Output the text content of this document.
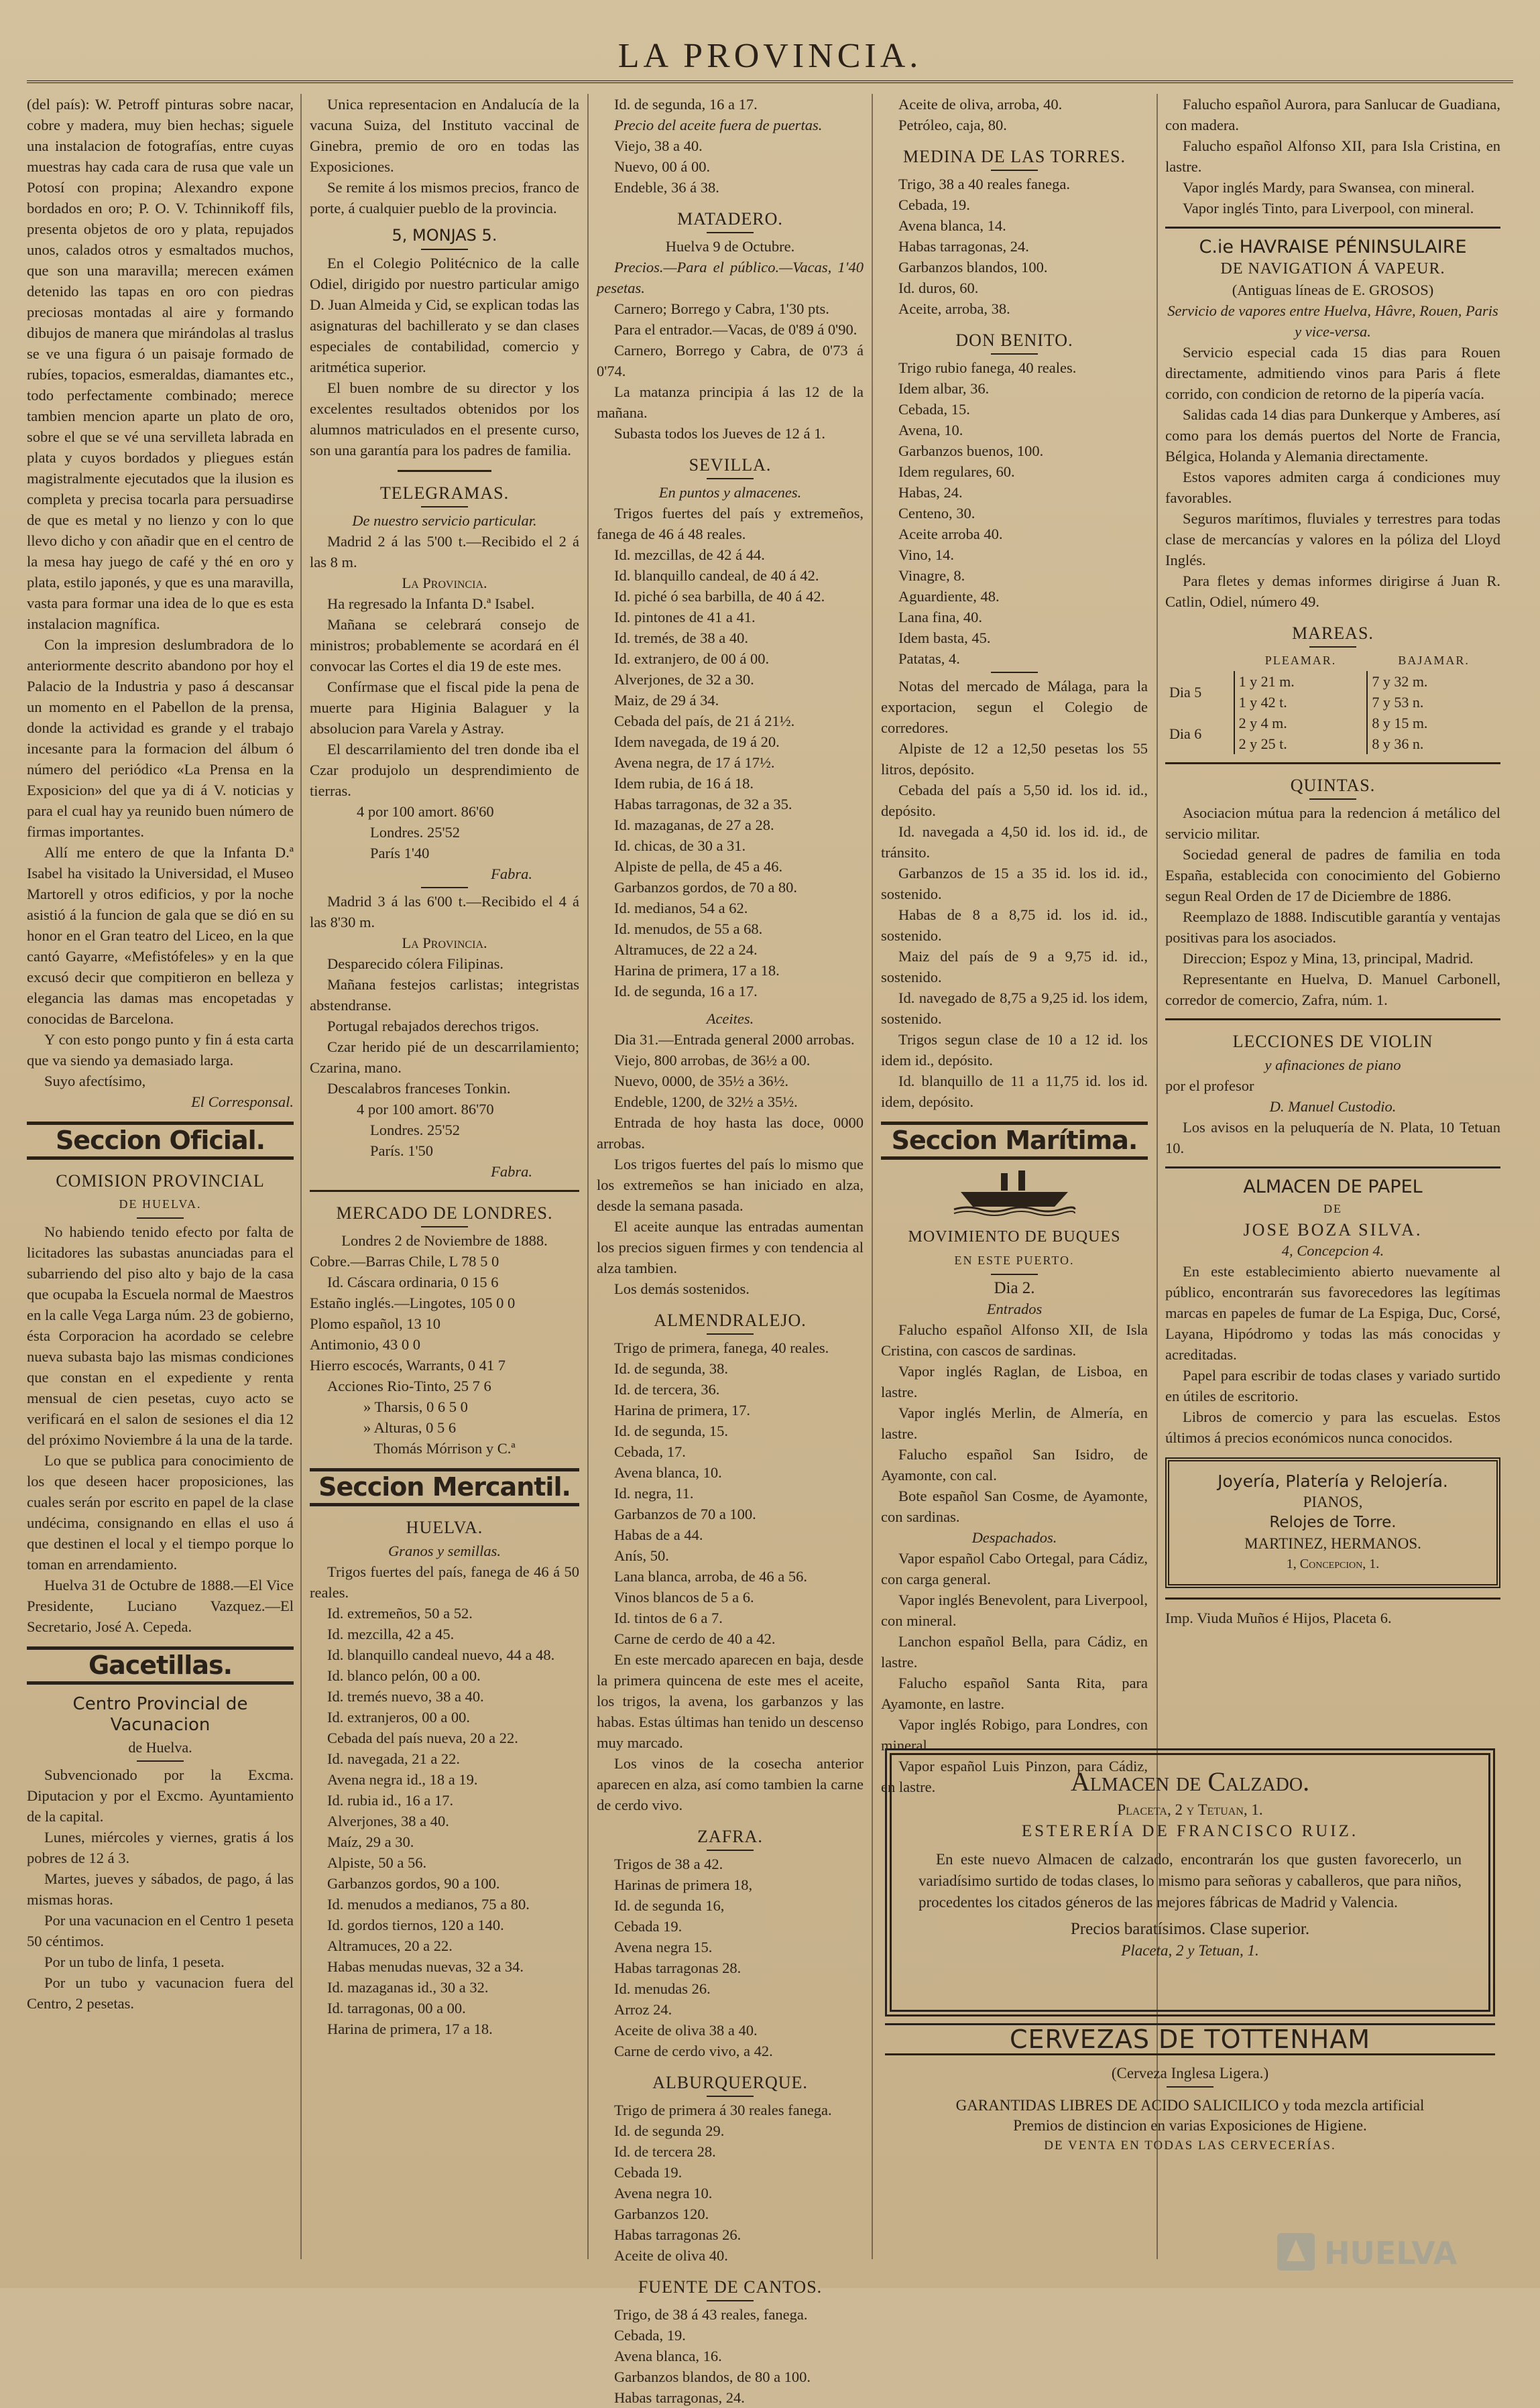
LA PROVINCIA.

(del país): W. Petroff pinturas sobre nacar, cobre y madera, muy bien hechas; siguele una instalacion de fotografías, entre cuyas muestras hay cada cara de rusa que vale un Potosí con propina; Alexandro expone bordados en oro; P. O. V. Tchinnikoff fils, presenta objetos de oro y plata, repujados unos, calados otros y esmaltados muchos, que son una maravilla; merecen exámen detenido las tapas en oro con piedras preciosas montadas al aire y formando dibujos de manera que mirándolas al traslus se ve una figura ó un paisaje formado de rubíes, topacios, esmeraldas, diamantes etc., todo perfectamente combinado; merece tambien mencion aparte un plato de oro, sobre el que se vé una servilleta labrada en plata y cuyos bordados y pliegues están magistralmente ejecutados que la ilusion es completa y precisa tocarla para persuadirse de que es metal y no lienzo y con lo que llevo dicho y con añadir que en el centro de la mesa hay juego de café y thé en oro y plata, estilo japonés, y que es una maravilla, vasta para formar una idea de lo que es esta instalacion magnífica.

Con la impresion deslumbradora de lo anteriormente descrito abandono por hoy el Palacio de la Industria y paso á descansar un momento en el Pabellon de la prensa, donde la actividad es grande y el trabajo incesante para la formacion del álbum ó número del periódico «La Prensa en la Exposicion» del que ya di á V. noticias y para el cual hay ya reunido buen número de firmas importantes.

Allí me entero de que la Infanta D.ª Isabel ha visitado la Universidad, el Museo Martorell y otros edificios, y por la noche asistió á la funcion de gala que se dió en su honor en el Gran teatro del Liceo, en la que cantó Gayarre, «Mefistófeles» y en la que excusó decir que compitieron en belleza y elegancia las damas mas encopetadas y conocidas de Barcelona.

Y con esto pongo punto y fin á esta carta que va siendo ya demasiado larga.

Suyo afectísimo,

El Corresponsal.

Seccion Oficial.
COMISION PROVINCIAL
DE HUELVA.

No habiendo tenido efecto por falta de licitadores las subastas anunciadas para el subarriendo del piso alto y bajo de la casa que ocupaba la Escuela normal de Maestros en la calle Vega Larga núm. 23 de gobierno, ésta Corporacion ha acordado se celebre nueva subasta bajo las mismas condiciones que constan en el expediente y renta mensual de cien pesetas, cuyo acto se verificará en el salon de sesiones el dia 12 del próximo Noviembre á la una de la tarde.

Lo que se publica para conocimiento de los que deseen hacer proposiciones, las cuales serán por escrito en papel de la clase undécima, consignando en ellas el uso á que destinen el local y el tiempo porque lo toman en arrendamiento.

Huelva 31 de Octubre de 1888.—El Vice Presidente, Luciano Vazquez.—El Secretario, José A. Cepeda.

Gacetillas.
Centro Provincial de Vacunacion
de Huelva.

Subvencionado por la Excma. Diputacion y por el Excmo. Ayuntamiento de la capital.

Lunes, miércoles y viernes, gratis á los pobres de 12 á 3.

Martes, jueves y sábados, de pago, á las mismas horas.

Por una vacunacion en el Centro 1 peseta 50 céntimos.

Por un tubo de linfa, 1 peseta.

Por un tubo y vacunacion fuera del Centro, 2 pesetas.

Unica representacion en Andalucía de la vacuna Suiza, del Instituto vaccinal de Ginebra, premio de oro en todas las Exposiciones.

Se remite á los mismos precios, franco de porte, á cualquier pueblo de la provincia.

5, MONJAS 5.

En el Colegio Politécnico de la calle Odiel, dirigido por nuestro particular amigo D. Juan Almeida y Cid, se explican todas las asignaturas del bachillerato y se dan clases especiales de contabilidad, comercio y aritmética superior.

El buen nombre de su director y los excelentes resultados obtenidos por los alumnos matriculados en el presente curso, son una garantía para los padres de familia.

TELEGRAMAS.
De nuestro servicio particular.

Madrid 2 á las 5'00 t.—Recibido el 2 á las 8 m.

La Provincia.

Ha regresado la Infanta D.ª Isabel.

Mañana se celebrará consejo de ministros; probablemente se acordará en él convocar las Cortes el dia 19 de este mes.

Confírmase que el fiscal pide la pena de muerte para Higinia Balaguer y la absolucion para Varela y Astray.

El descarrilamiento del tren donde iba el Czar produjolo un desprendimiento de tierras.

4 por 100 amort. 86'60
Londres. 25'52
París 1'40
Fabra.

Madrid 3 á las 6'00 t.—Recibido el 4 á las 8'30 m.

La Provincia.

Desparecido cólera Filipinas.

Mañana festejos carlistas; integristas abstendranse.

Portugal rebajados derechos trigos.

Czar herido pié de un descarrilamiento; Czarina, mano.

Descalabros franceses Tonkin.

4 por 100 amort. 86'70
Londres. 25'52
París. 1'50
Fabra.
MERCADO DE LONDRES.
Londres 2 de Noviembre de 1888.
Cobre.—Barras Chile, L 78 5 0
Id. Cáscara ordinaria, 0 15 6
Estaño inglés.—Lingotes, 105 0 0
Plomo español, 13 10
Antimonio, 43 0 0
Hierro escocés, Warrants, 0 41 7
Acciones Rio-Tinto, 25 7 6
» Tharsis, 0 6 5 0
» Alturas, 0 5 6
Thomás Mórrison y C.ª
Seccion Mercantil.
HUELVA.
Granos y semillas.

Trigos fuertes del país, fanega de 46 á 50 reales.

Id. extremeños, 50 a 52.
Id. mezcilla, 42 a 45.
Id. blanquillo candeal nuevo, 44 a 48.
Id. blanco pelón, 00 a 00.
Id. tremés nuevo, 38 a 40.
Id. extranjeros, 00 a 00.
Cebada del país nueva, 20 a 22.
Id. navegada, 21 a 22.
Avena negra id., 18 a 19.
Id. rubia id., 16 a 17.
Alverjones, 38 a 40.
Maíz, 29 a 30.
Alpiste, 50 a 56.
Garbanzos gordos, 90 a 100.
Id. menudos a medianos, 75 a 80.
Id. gordos tiernos, 120 a 140.
Altramuces, 20 a 22.
Habas menudas nuevas, 32 a 34.
Id. mazaganas id., 30 a 32.
Id. tarragonas, 00 a 00.
Harina de primera, 17 a 18.
Id. de segunda, 16 a 17.
Precio del aceite fuera de puertas.
Viejo, 38 a 40.
Nuevo, 00 á 00.
Endeble, 36 á 38.
MATADERO.
Huelva 9 de Octubre.

Precios.—Para el público.—Vacas, 1'40 pesetas.

Carnero; Borrego y Cabra, 1'30 pts.

Para el entrador.—Vacas, de 0'89 á 0'90.

Carnero, Borrego y Cabra, de 0'73 á 0'74.

La matanza principia á las 12 de la mañana.

Subasta todos los Jueves de 12 á 1.

SEVILLA.
En puntos y almacenes.

Trigos fuertes del país y extremeños, fanega de 46 á 48 reales.

Id. mezcillas, de 42 á 44.
Id. blanquillo candeal, de 40 á 42.
Id. piché ó sea barbilla, de 40 á 42.
Id. pintones de 41 a 41.
Id. tremés, de 38 a 40.
Id. extranjero, de 00 á 00.
Alverjones, de 32 a 30.
Maiz, de 29 á 34.
Cebada del país, de 21 á 21½.
Idem navegada, de 19 á 20.
Avena negra, de 17 á 17½.
Idem rubia, de 16 á 18.
Habas tarragonas, de 32 a 35.
Id. mazaganas, de 27 a 28.
Id. chicas, de 30 a 31.
Alpiste de pella, de 45 a 46.
Garbanzos gordos, de 70 a 80.
Id. medianos, 54 a 62.
Id. menudos, de 55 a 68.
Altramuces, de 22 a 24.
Harina de primera, 17 a 18.
Id. de segunda, 16 a 17.
Aceites.

Dia 31.—Entrada general 2000 arrobas.

Viejo, 800 arrobas, de 36½ a 00.
Nuevo, 0000, de 35½ a 36½.
Endeble, 1200, de 32½ a 35½.

Entrada de hoy hasta las doce, 0000 arrobas.

Los trigos fuertes del país lo mismo que los extremeños se han iniciado en alza, desde la semana pasada.

El aceite aunque las entradas aumentan los precios siguen firmes y con tendencia al alza tambien.

Los demás sostenidos.

ALMENDRALEJO.

Trigo de primera, fanega, 40 reales.

Id. de segunda, 38.
Id. de tercera, 36.
Harina de primera, 17.
Id. de segunda, 15.
Cebada, 17.
Avena blanca, 10.
Id. negra, 11.
Garbanzos de 70 a 100.
Habas de a 44.
Anís, 50.
Lana blanca, arroba, de 46 a 56.
Vinos blancos de 5 a 6.
Id. tintos de 6 a 7.
Carne de cerdo de 40 a 42.

En este mercado aparecen en baja, desde la primera quincena de este mes el aceite, los trigos, la avena, los garbanzos y las habas. Estas últimas han tenido un descenso muy marcado.

Los vinos de la cosecha anterior aparecen en alza, así como tambien la carne de cerdo vivo.

ZAFRA.
Trigos de 38 a 42.
Harinas de primera 18,
Id. de segunda 16,
Cebada 19.
Avena negra 15.
Habas tarragonas 28.
Id. menudas 26.
Arroz 24.
Aceite de oliva 38 a 40.
Carne de cerdo vivo, a 42.
ALBURQUERQUE.
Trigo de primera á 30 reales fanega.
Id. de segunda 29.
Id. de tercera 28.
Cebada 19.
Avena negra 10.
Garbanzos 120.
Habas tarragonas 26.
Aceite de oliva 40.
FUENTE DE CANTOS.
Trigo, de 38 á 43 reales, fanega.
Cebada, 19.
Avena blanca, 16.
Garbanzos blandos, de 80 a 100.
Habas tarragonas, 24.
Aceite de oliva, arroba, 40.
Petróleo, caja, 80.
MEDINA DE LAS TORRES.
Trigo, 38 a 40 reales fanega.
Cebada, 19.
Avena blanca, 14.
Habas tarragonas, 24.
Garbanzos blandos, 100.
Id. duros, 60.
Aceite, arroba, 38.
DON BENITO.
Trigo rubio fanega, 40 reales.
Idem albar, 36.
Cebada, 15.
Avena, 10.
Garbanzos buenos, 100.
Idem regulares, 60.
Habas, 24.
Centeno, 30.
Aceite arroba 40.
Vino, 14.
Vinagre, 8.
Aguardiente, 48.
Lana fina, 40.
Idem basta, 45.
Patatas, 4.

Notas del mercado de Málaga, para la exportacion, segun el Colegio de corredores.

Alpiste de 12 a 12,50 pesetas los 55 litros, depósito.

Cebada del país a 5,50 id. los id. id., depósito.

Id. navegada a 4,50 id. los id. id., de tránsito.

Garbanzos de 15 a 35 id. los id. id., sostenido.

Habas de 8 a 8,75 id. los id. id., sostenido.

Maiz del país de 9 a 9,75 id. id., sostenido.

Id. navegado de 8,75 a 9,25 id. los idem, sostenido.

Trigos segun clase de 10 a 12 id. los idem id., depósito.

Id. blanquillo de 11 a 11,75 id. los id. idem, depósito.

Seccion Marítima.
MOVIMIENTO DE BUQUES
EN ESTE PUERTO.
Dia 2.
Entrados

Falucho español Alfonso XII, de Isla Cristina, con cascos de sardinas.

Vapor inglés Raglan, de Lisboa, en lastre.

Vapor inglés Merlin, de Almería, en lastre.

Falucho español San Isidro, de Ayamonte, con cal.

Bote español San Cosme, de Ayamonte, con sardinas.

Despachados.

Vapor español Cabo Ortegal, para Cádiz, con carga general.

Vapor inglés Benevolent, para Liverpool, con mineral.

Lanchon español Bella, para Cádiz, en lastre.

Falucho español Santa Rita, para Ayamonte, en lastre.

Vapor inglés Robigo, para Londres, con mineral.

Vapor español Luis Pinzon, para Cádiz, en lastre.

Falucho español Aurora, para Sanlucar de Guadiana, con madera.

Falucho español Alfonso XII, para Isla Cristina, en lastre.

Vapor inglés Mardy, para Swansea, con mineral.

Vapor inglés Tinto, para Liverpool, con mineral.

C.ie HAVRAISE PÉNINSULAIRE
DE NAVIGATION Á VAPEUR.
(Antiguas líneas de E. GROSOS)
Servicio de vapores entre Huelva, Hâvre, Rouen, Paris y vice-versa.

Servicio especial cada 15 dias para Rouen directamente, admitiendo vinos para Paris á flete corrido, con condicion de retorno de la pipería vacía.

Salidas cada 14 dias para Dunkerque y Amberes, así como para los demás puertos del Norte de Francia, Bélgica, Holanda y Alemania directamente.

Estos vapores admiten carga á condiciones muy favorables.

Seguros marítimos, fluviales y terrestres para todas clase de mercancías y valores en la póliza del Lloyd Inglés.

Para fletes y demas informes dirigirse á Juan R. Catlin, Odiel, número 49.

MAREAS.
	PLEAMAR.	BAJAMAR.
Dia 5	1 y 21 m.	7 y 32 m.
	1 y 42 t.	7 y 53 n.
Dia 6	2 y 4 m.	8 y 15 m.
	2 y 25 t.	8 y 36 n.
QUINTAS.

Asociacion mútua para la redencion á metálico del servicio militar.

Sociedad general de padres de familia en toda España, establecida con conocimiento del Gobierno segun Real Orden de 17 de Diciembre de 1886.

Reemplazo de 1888. Indiscutible garantía y ventajas positivas para los asociados.

Direccion; Espoz y Mina, 13, principal, Madrid.

Representante en Huelva, D. Manuel Carbonell, corredor de comercio, Zafra, núm. 1.

LECCIONES DE VIOLIN
y afinaciones de piano
por el profesor
D. Manuel Custodio.

Los avisos en la peluquería de N. Plata, 10 Tetuan 10.

ALMACEN DE PAPEL
DE
JOSE BOZA SILVA.
4, Concepcion 4.

En este establecimiento abierto nuevamente al público, encontrarán sus favorecedores las legítimas marcas en papeles de fumar de La Espiga, Duc, Corsé, Layana, Hipódromo y todas las más conocidas y acreditadas.

Papel para escribir de todas clases y variado surtido en útiles de escritorio.

Libros de comercio y para las escuelas. Estos últimos á precios económicos nunca conocidos.

Joyería, Platería y Relojería.
PIANOS,
Relojes de Torre.
MARTINEZ, HERMANOS.
1, Concepcion, 1.
Imp. Viuda Muños é Hijos, Placeta 6.
Almacen de Calzado.
Placeta, 2 y Tetuan, 1.
ESTERERÍA DE FRANCISCO RUIZ.
En este nuevo Almacen de calzado, encontrarán los que gusten favorecerlo, un variadísimo surtido de todas clases, lo mismo para señoras y caballeros, que para niños, procedentes los citados géneros de las mejores fábricas de Madrid y Valencia.
Precios baratísimos. Clase superior.
Placeta, 2 y Tetuan, 1.
CERVEZAS DE TOTTENHAM
(Cerveza Inglesa Ligera.)
GARANTIDAS LIBRES DE ACIDO SALICILICO y toda mezcla artificial
Premios de distincion en varias Exposiciones de Higiene.
DE VENTA EN TODAS LAS CERVECERÍAS.
HUELVA
